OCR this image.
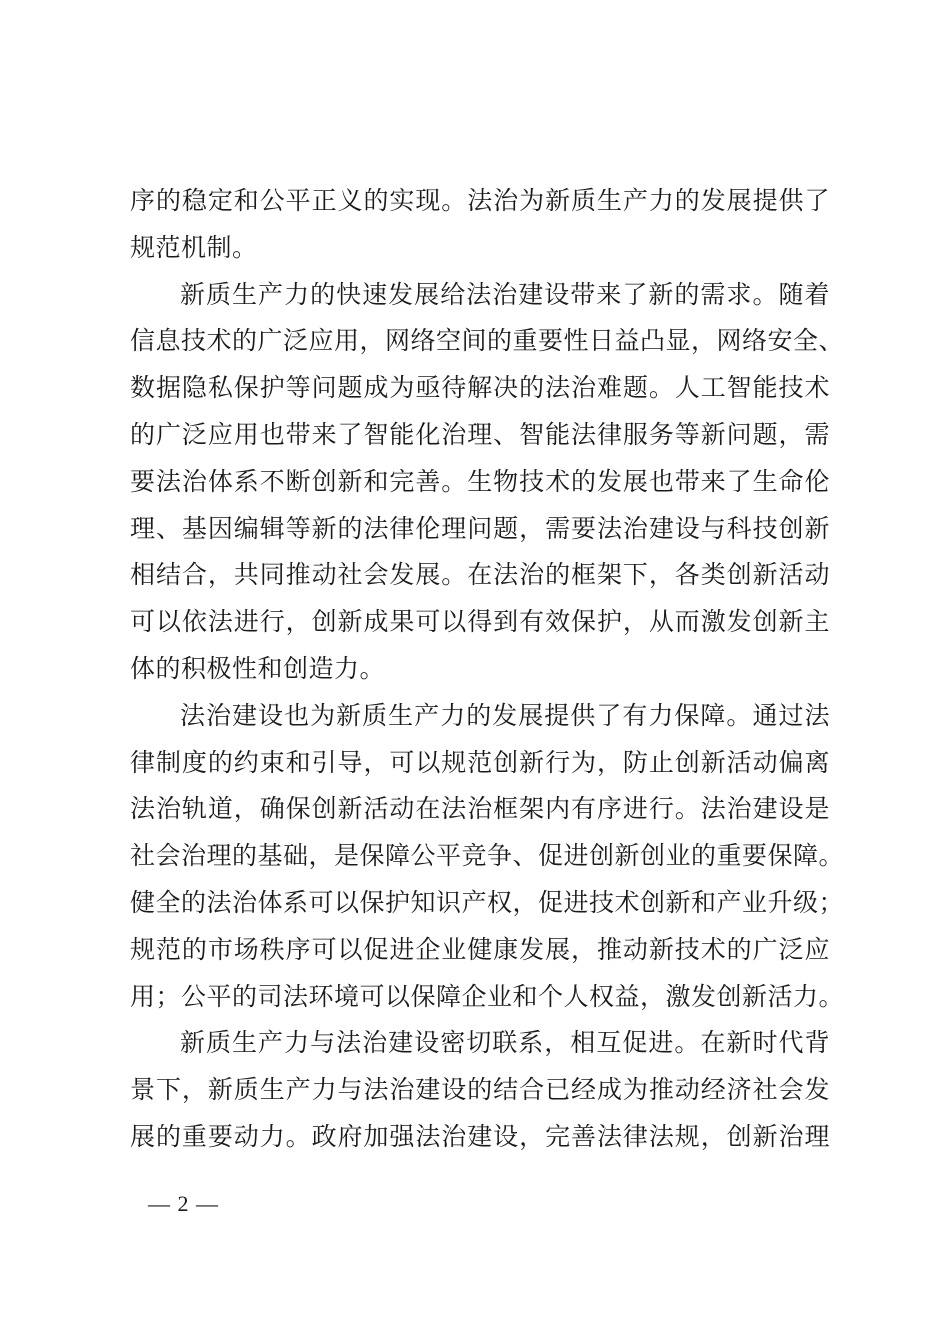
序的稳定和公平正义的实现。法治为新质生产力的发展提供了
规范机制。
新质生产力的快速发展给法治建设带来了新的需求。随着
信息技术的广泛应用，网络空间的重要性日益凸显，网络安全、
数据隐私保护等问题成为亟待解决的法治难题。人工智能技术
的广泛应用也带来了智能化治理、智能法律服务等新问题，需
要法治体系不断创新和完善。生物技术的发展也带来了生命伦
理、基因编辑等新的法律伦理问题，需要法治建设与科技创新
相结合，共同推动社会发展。在法治的框架下，各类创新活动
可以依法进行，创新成果可以得到有效保护，从而激发创新主
体的积极性和创造力。
法治建设也为新质生产力的发展提供了有力保障。通过法
律制度的约束和引导，可以规范创新行为，防止创新活动偏离
法治轨道，确保创新活动在法治框架内有序进行。法治建设是
社会治理的基础，是保障公平竞争、促进创新创业的重要保障。
健全的法治体系可以保护知识产权，促进技术创新和产业升级；
规范的市场秩序可以促进企业健康发展，推动新技术的广泛应
用；公平的司法环境可以保障企业和个人权益，激发创新活力。
新质生产力与法治建设密切联系，相互促进。在新时代背
景下，新质生产力与法治建设的结合已经成为推动经济社会发
展的重要动力。政府加强法治建设，完善法律法规，创新治理
— 2 —
